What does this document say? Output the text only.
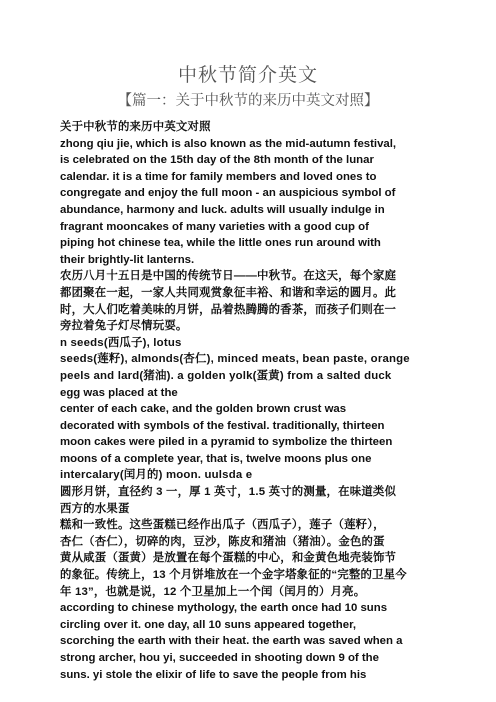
中秋节简介英文
【篇一：关于中秋节的来历中英文对照】
关于中秋节的来历中英文对照
zhong qiu jie, which is also known as the mid-autumn festival,
is celebrated on the 15th day of the 8th month of the lunar
calendar. it is a time for family members and loved ones to
congregate and enjoy the full moon - an auspicious symbol of
abundance, harmony and luck. adults will usually indulge in
fragrant mooncakes of many varieties with a good cup of
piping hot chinese tea, while the little ones run around with
their brightly-lit lanterns.
农历八月十五日是中国的传统节日——中秋节。在这天，每个家庭
都团聚在一起，一家人共同观赏象征丰裕、和谐和幸运的圆月。此
时，大人们吃着美味的月饼，品着热腾腾的香茶，而孩子们则在一
旁拉着兔子灯尽情玩耍。
n seeds(西瓜子), lotus
seeds(莲籽), almonds(杏仁), minced meats, bean paste, orange
peels and lard(猪油). a golden yolk(蛋黄) from a salted duck
egg was placed at the
center of each cake, and the golden brown crust was
decorated with symbols of the festival. traditionally, thirteen
moon cakes were piled in a pyramid to symbolize the thirteen
moons of a complete year, that is, twelve moons plus one
intercalary(闰月的) moon. uulsda e
圆形月饼，直径约 3 一，厚 1 英寸，1.5 英寸的测量，在味道类似
西方的水果蛋
糕和一致性。这些蛋糕已经作出瓜子（西瓜子），莲子（莲籽），
杏仁（杏仁），切碎的肉，豆沙，陈皮和猪油（猪油）。金色的蛋
黄从咸蛋（蛋黄）是放置在每个蛋糕的中心，和金黄色地壳装饰节
的象征。传统上，13 个月饼堆放在一个金字塔象征的“完整的卫星今
年 13”，也就是说，12 个卫星加上一个闰（闰月的）月亮。
according to chinese mythology, the earth once had 10 suns
circling over it. one day, all 10 suns appeared together,
scorching the earth with their heat. the earth was saved when a
strong archer, hou yi, succeeded in shooting down 9 of the
suns. yi stole the elixir of life to save the people from his
